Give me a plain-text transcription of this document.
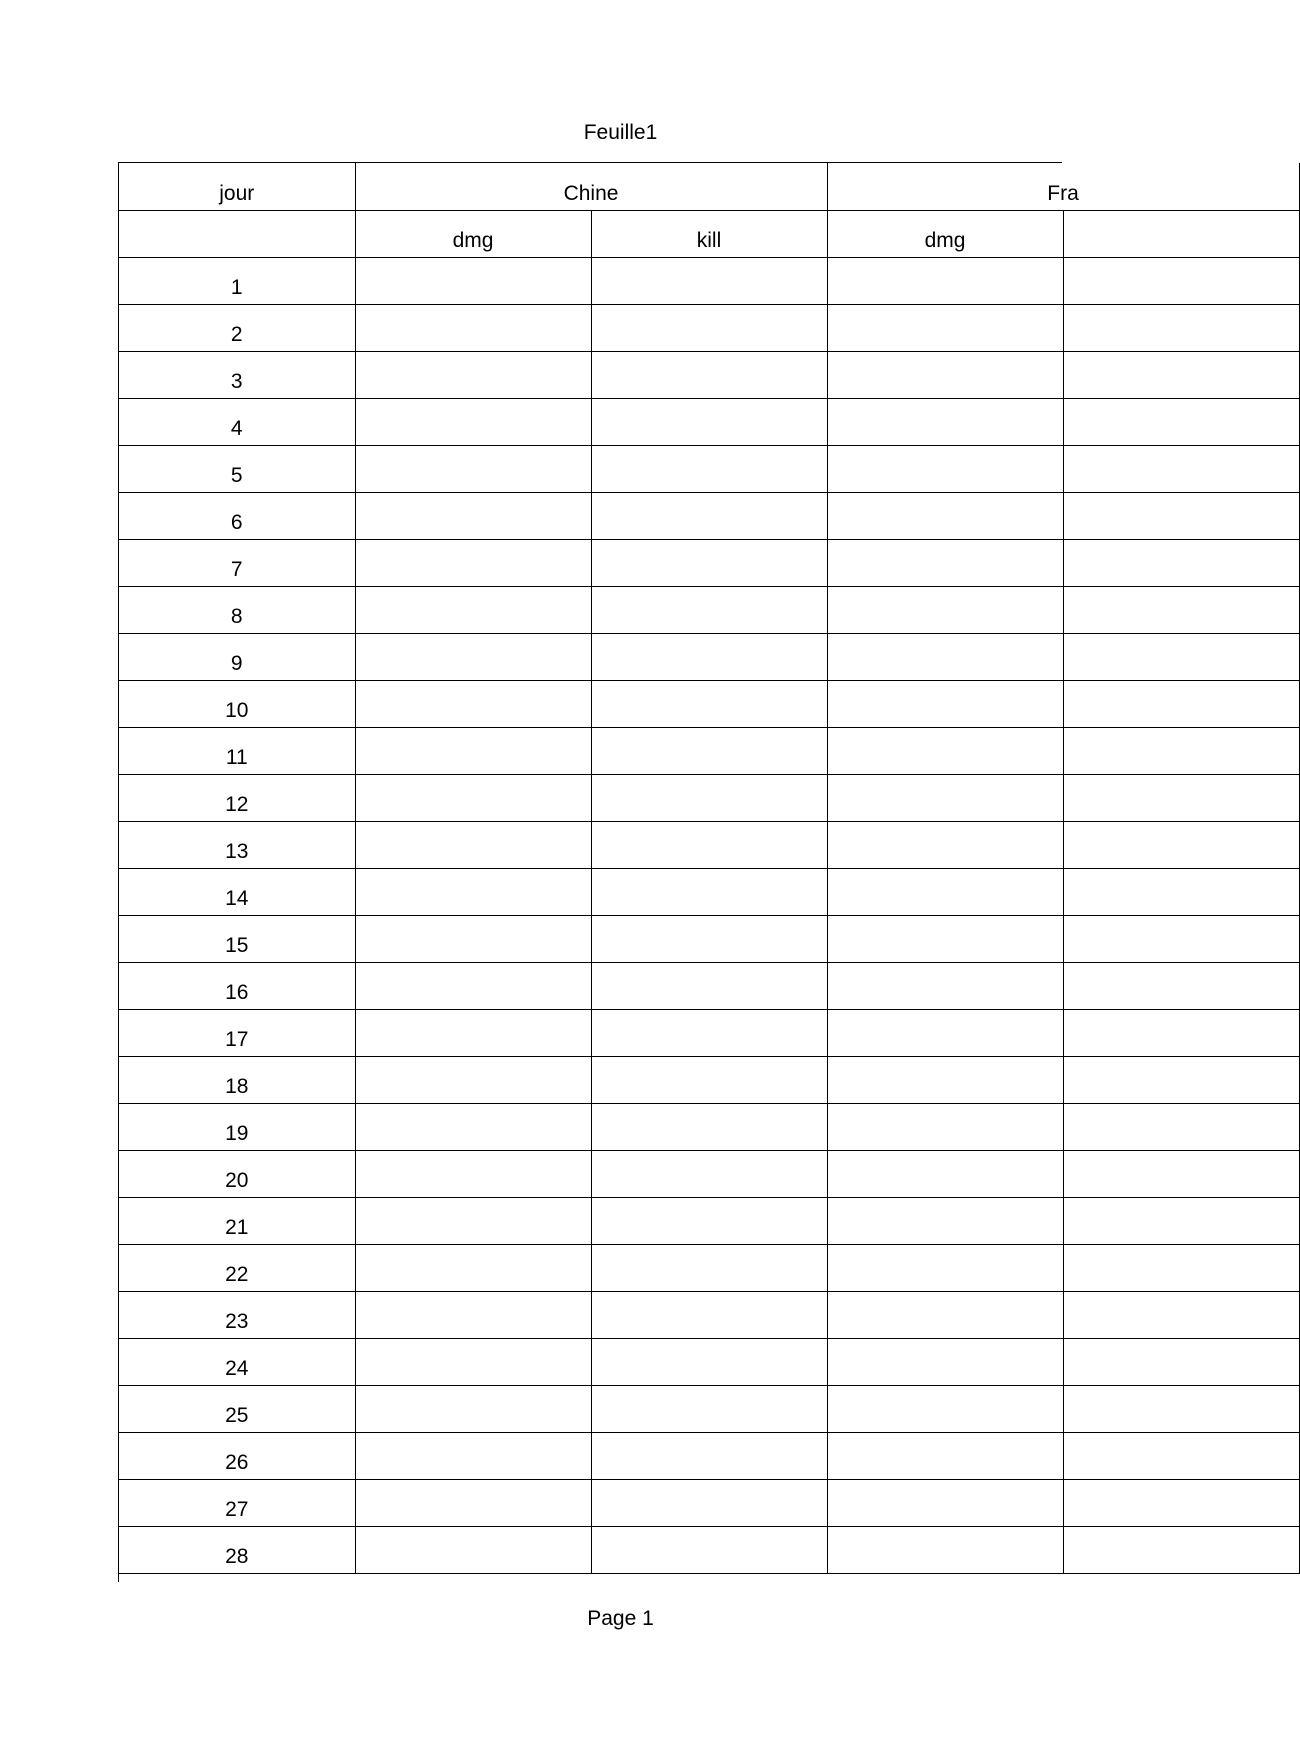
Feuille1
jour	Chine		Fra	
	dmg	kill	dmg	
1				
2				
3				
4				
5				
6				
7				
8				
9				
10				
11				
12				
13				
14				
15				
16				
17				
18				
19				
20				
21				
22				
23				
24				
25				
26				
27				
28				
Page 1
